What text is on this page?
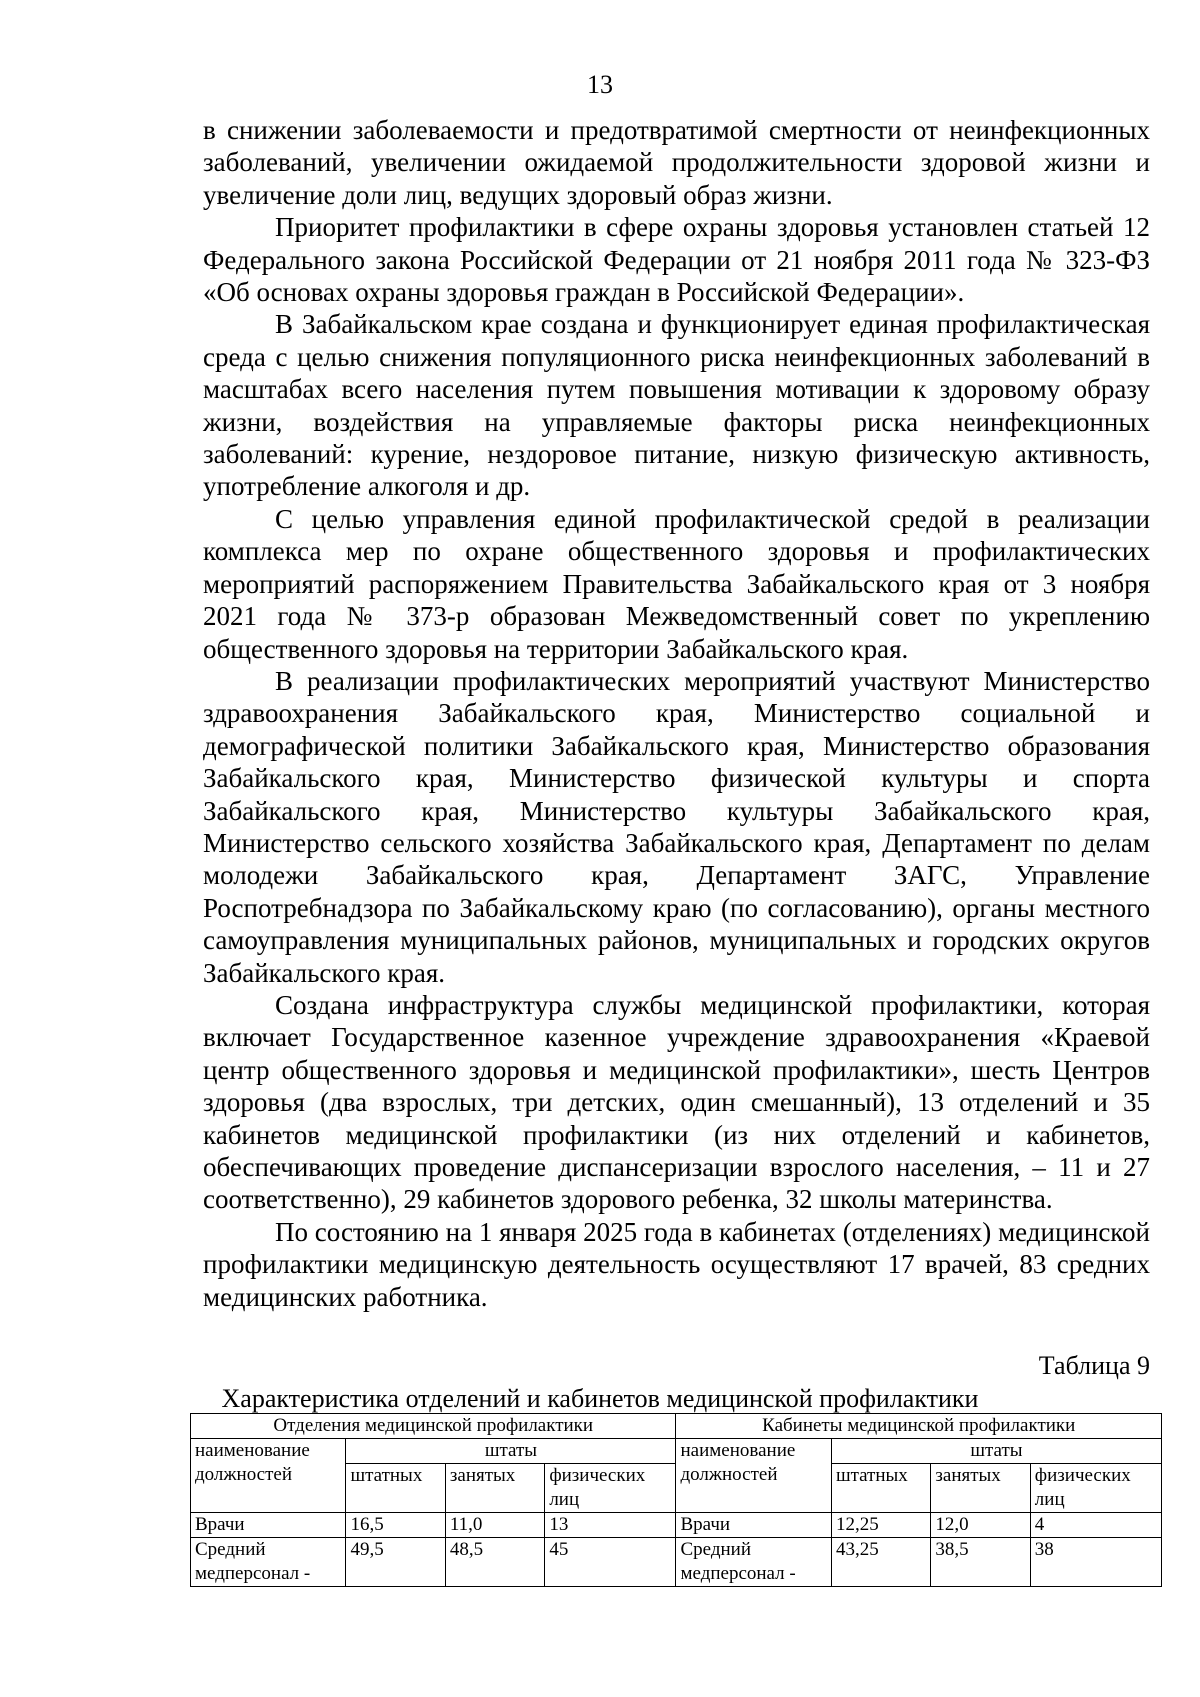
13

в снижении заболеваемости и предотвратимой смертности от неинфекционных заболеваний, увеличении ожидаемой продолжительности здоровой жизни и увеличение доли лиц, ведущих здоровый образ жизни.

Приоритет профилактики в сфере охраны здоровья установлен статьей 12 Федерального закона Российской Федерации от 21 ноября 2011 года № 323-ФЗ «Об основах охраны здоровья граждан в Российской Федерации».

В Забайкальском крае создана и функционирует единая профилактическая среда с целью снижения популяционного риска неинфекционных заболеваний в масштабах всего населения путем повышения мотивации к здоровому образу жизни, воздействия на управляемые факторы риска неинфекционных заболеваний: курение, нездоровое питание, низкую физическую активность, употребление алкоголя и др.

С целью управления единой профилактической средой в реализации комплекса мер по охране общественного здоровья и профилактических мероприятий распоряжением Правительства Забайкальского края от 3 ноября 2021 года № 373-р образован Межведомственный совет по укреплению общественного здоровья на территории Забайкальского края.

В реализации профилактических мероприятий участвуют Министерство здравоохранения Забайкальского края, Министерство социальной и демографической политики Забайкальского края, Министерство образования Забайкальского края, Министерство физической культуры и спорта Забайкальского края, Министерство культуры Забайкальского края, Министерство сельского хозяйства Забайкальского края, Департамент по делам молодежи Забайкальского края, Департамент ЗАГС, Управление Роспотребнадзора по Забайкальскому краю (по согласованию), органы местного самоуправления муниципальных районов, муниципальных и городских округов Забайкальского края.

Создана инфраструктура службы медицинской профилактики, которая включает Государственное казенное учреждение здравоохранения «Краевой центр общественного здоровья и медицинской профилактики», шесть Центров здоровья (два взрослых, три детских, один смешанный), 13 отделений и 35 кабинетов медицинской профилактики (из них отделений и кабинетов, обеспечивающих проведение диспансеризации взрослого населения, – 11 и 27 соответственно), 29 кабинетов здорового ребенка, 32 школы материнства.

По состоянию на 1 января 2025 года в кабинетах (отделениях) медицинской профилактики медицинскую деятельность осуществляют 17 врачей, 83 средних медицинских работника.

Таблица 9
Характеристика отделений и кабинетов медицинской профилактики
Отделения медицинской профилактики				Кабинеты медицинской профилактики			
наименование должностей	штаты			наименование должностей	штаты		
	штатных	занятых	физических лиц		штатных	занятых	физических лиц
Врачи	16,5	11,0	13	Врачи	12,25	12,0	4
Средний медперсонал -	49,5	48,5	45	Средний медперсонал -	43,25	38,5	38
